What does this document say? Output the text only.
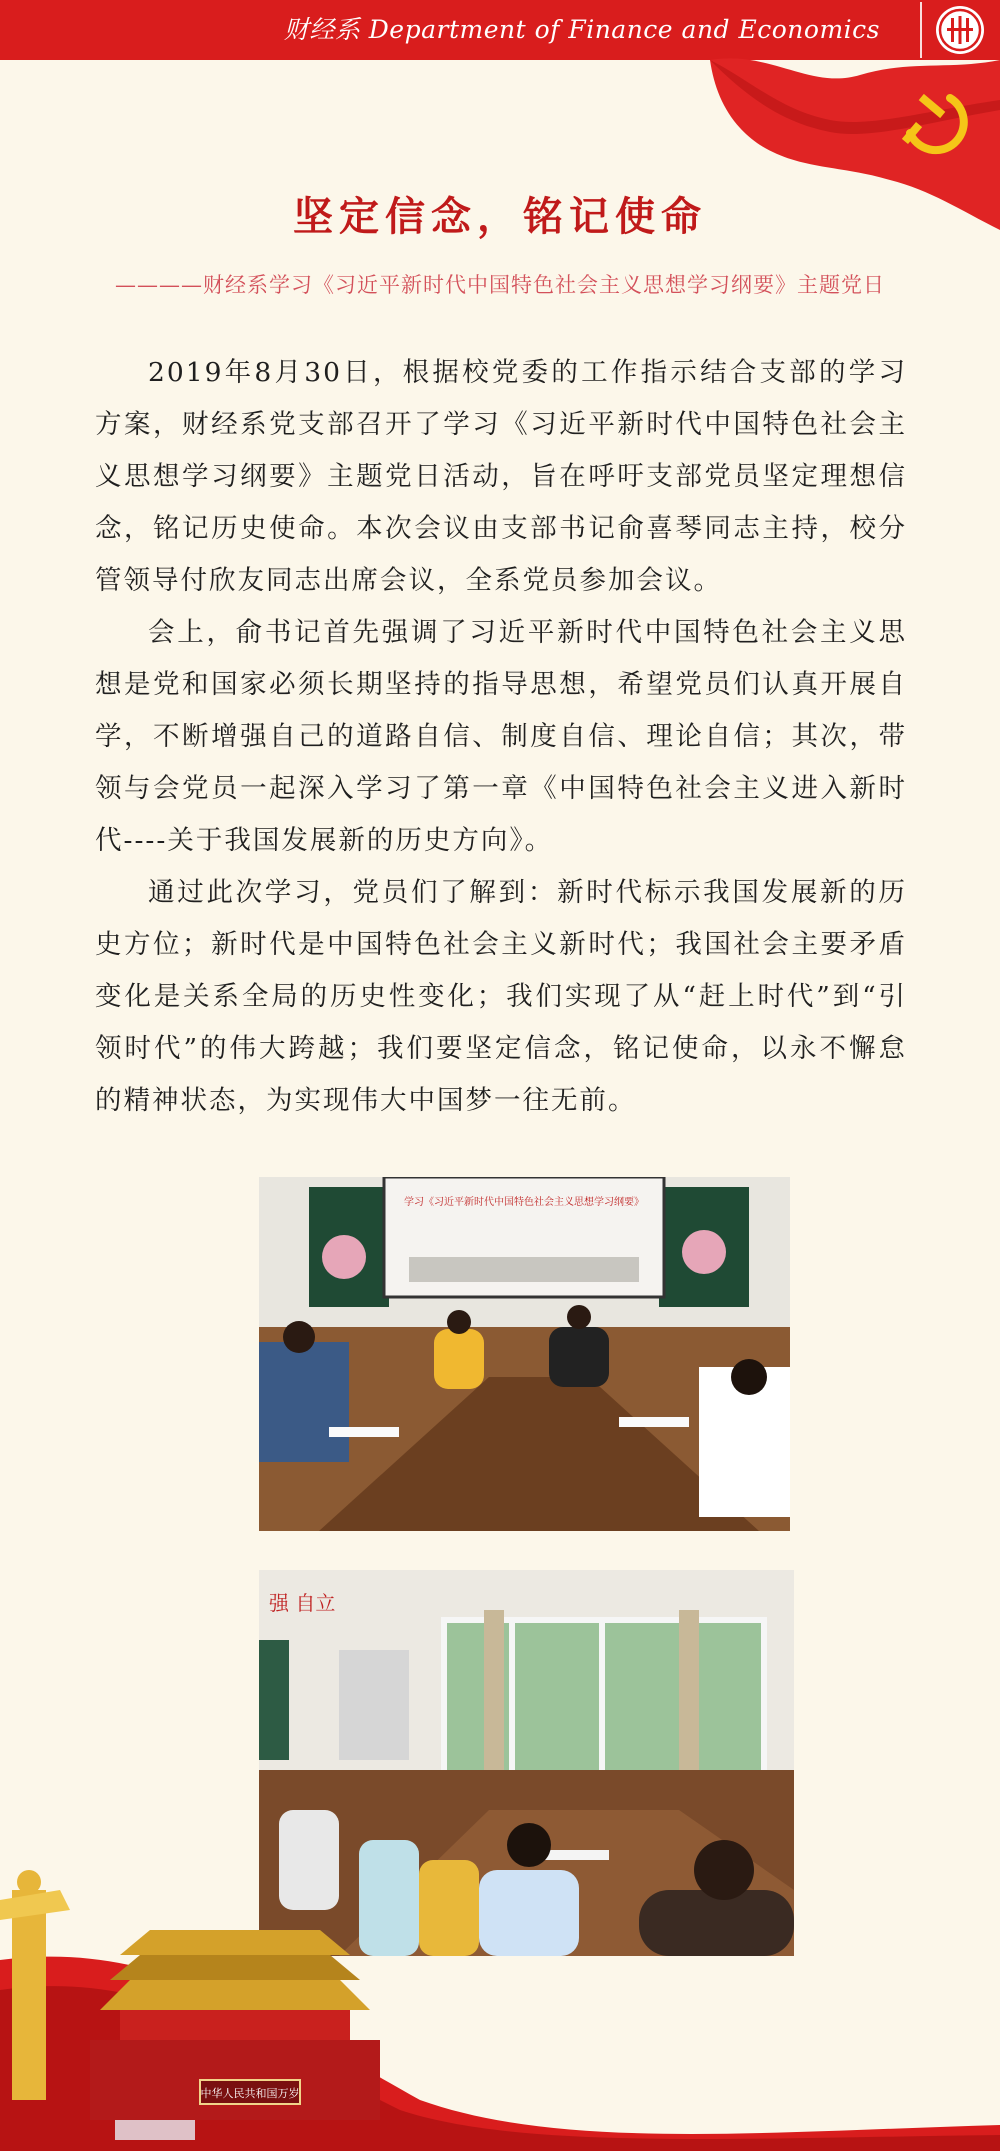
财经系 Department of Finance and Economics
坚定信念，铭记使命
————财经系学习《习近平新时代中国特色社会主义思想学习纲要》主题党日

2019年8月30日，根据校党委的工作指示结合支部的学习方案，财经系党支部召开了学习《习近平新时代中国特色社会主义思想学习纲要》主题党日活动，旨在呼吁支部党员坚定理想信念，铭记历史使命。本次会议由支部书记俞喜琴同志主持，校分管领导付欣友同志出席会议，全系党员参加会议。

会上，俞书记首先强调了习近平新时代中国特色社会主义思想是党和国家必须长期坚持的指导思想，希望党员们认真开展自学，不断增强自己的道路自信、制度自信、理论自信；其次，带领与会党员一起深入学习了第一章《中国特色社会主义进入新时代----关于我国发展新的历史方向》。

通过此次学习，党员们了解到：新时代标示我国发展新的历史方位；新时代是中国特色社会主义新时代；我国社会主要矛盾变化是关系全局的历史性变化；我们实现了从“赶上时代”到“引领时代”的伟大跨越；我们要坚定信念，铭记使命，以永不懈怠的精神状态，为实现伟大中国梦一往无前。

学习《习近平新时代中国特色社会主义思想学习纲要》
强 自立
中华人民共和国万岁
